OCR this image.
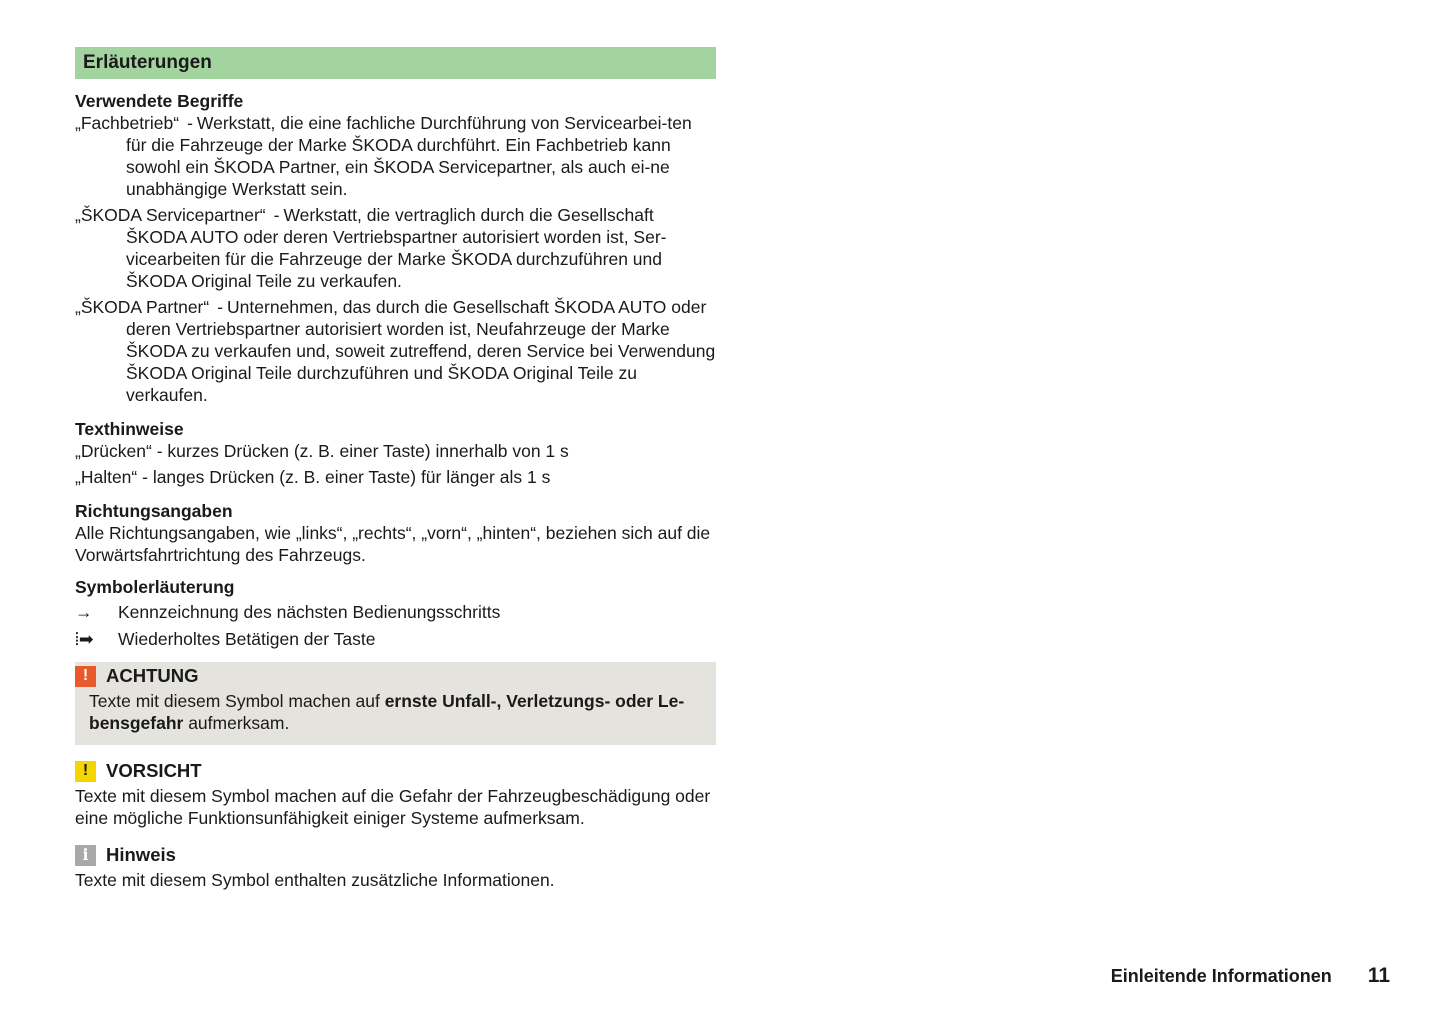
Erläuterungen

Verwendete Begriffe

„Fachbetrieb“ - Werkstatt, die eine fachliche Durchführung von Servicearbei-ten für die Fahrzeuge der Marke ŠKODA durchführt. Ein Fachbetrieb kann sowohl ein ŠKODA Partner, ein ŠKODA Servicepartner, als auch ei-ne unabhängige Werkstatt sein.

„ŠKODA Servicepartner“ - Werkstatt, die vertraglich durch die Gesellschaft ŠKODA AUTO oder deren Vertriebspartner autorisiert worden ist, Ser-vicearbeiten für die Fahrzeuge der Marke ŠKODA durchzuführen und ŠKODA Original Teile zu verkaufen.

„ŠKODA Partner“ - Unternehmen, das durch die Gesellschaft ŠKODA AUTO oder deren Vertriebspartner autorisiert worden ist, Neufahrzeuge der Marke ŠKODA zu verkaufen und, soweit zutreffend, deren Service bei Verwendung ŠKODA Original Teile durchzuführen und ŠKODA Original Teile zu verkaufen.

Texthinweise

„Drücken“ - kurzes Drücken (z. B. einer Taste) innerhalb von 1 s

„Halten“ - langes Drücken (z. B. einer Taste) für länger als 1 s

Richtungsangaben

Alle Richtungsangaben, wie „links“, „rechts“, „vorn“, „hinten“, beziehen sich auf die Vorwärtsfahrtrichtung des Fahrzeugs.

Symbolerläuterung

→	Kennzeichnung des nächsten Bedienungsschritts
⦙➡	Wiederholtes Betätigen der Taste
! ACHTUNG

Texte mit diesem Symbol machen auf ernste Unfall-, Verletzungs- oder Le-bensgefahr aufmerksam.

! VORSICHT

Texte mit diesem Symbol machen auf die Gefahr der Fahrzeugbeschädigung oder eine mögliche Funktionsunfähigkeit einiger Systeme aufmerksam.

i Hinweis

Texte mit diesem Symbol enthalten zusätzliche Informationen.

Einleitende Informationen 11
